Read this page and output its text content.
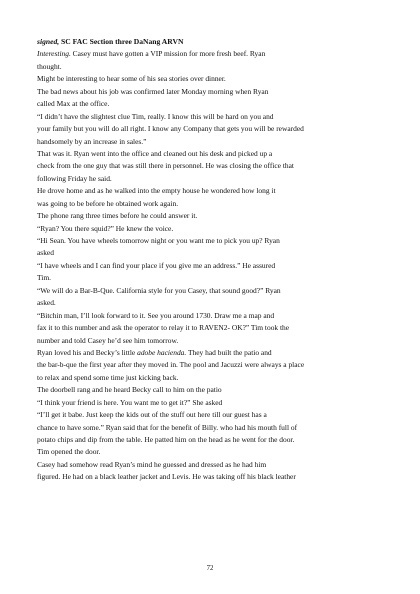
signed, SC FAC Section three DaNang ARVN
Interesting. Casey must have gotten a VIP mission for more fresh beef. Ryan
thought.
Might be interesting to hear some of his sea stories over dinner.
The bad news about his job was confirmed later Monday morning when Ryan
called Max at the office.
“I didn’t have the slightest clue Tim, really. I know this will be hard on you and
your family but you will do all right. I know any Company that gets you will be rewarded
handsomely by an increase in sales.”
That was it. Ryan went into the office and cleaned out his desk and picked up a
check from the one guy that was still there in personnel. He was closing the office that
following Friday he said.
He drove home and as he walked into the empty house he wondered how long it
was going to be before he obtained work again.
The phone rang three times before he could answer it.
“Ryan? You there squid?” He knew the voice.
“Hi Sean. You have wheels tomorrow night or you want me to pick you up? Ryan
asked
“I have wheels and I can find your place if you give me an address.” He assured
Tim.
“We will do a Bar-B-Que. California style for you Casey, that sound good?” Ryan
asked.
“Bitchin man, I’ll look forward to it. See you around 1730. Draw me a map and
fax it to this number and ask the operator to relay it to RAVEN2- OK?” Tim took the
number and told Casey he’d see him tomorrow.
Ryan loved his and Becky’s little adobe hacienda. They had built the patio and
the bar-b-que the first year after they moved in. The pool and Jacuzzi were always a place
to relax and spend some time just kicking back.
The doorbell rang and he heard Becky call to him on the patio
“I think your friend is here. You want me to get it?” She asked
“I’ll get it babe. Just keep the kids out of the stuff out here till our guest has a
chance to have some.” Ryan said that for the benefit of Billy. who had his mouth full of
potato chips and dip from the table. He patted him on the head as he went for the door.
Tim opened the door.
Casey had somehow read Ryan’s mind he guessed and dressed as he had him
figured. He had on a black leather jacket and Levis. He was taking off his black leather
72
